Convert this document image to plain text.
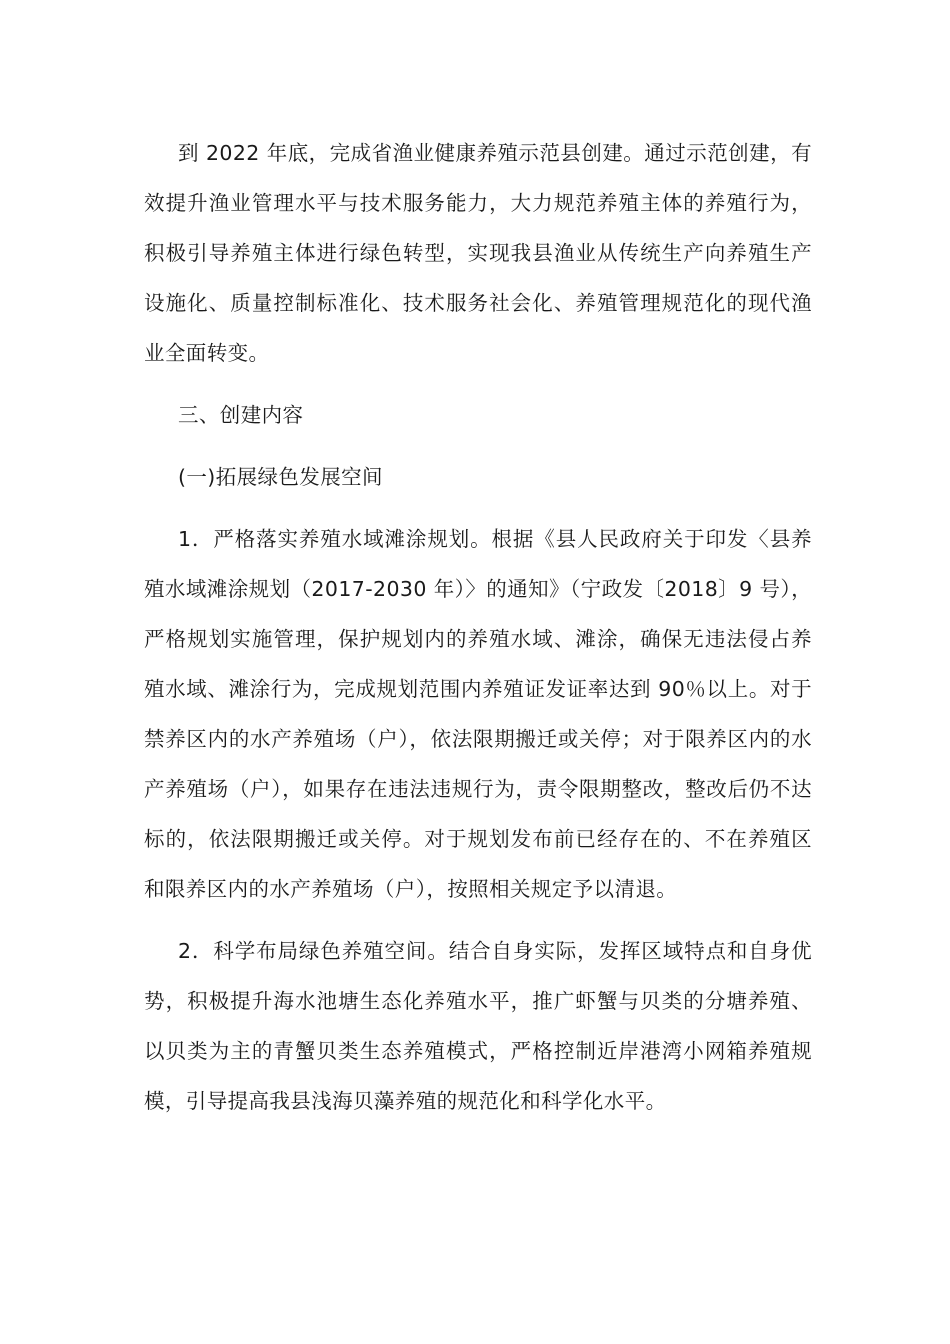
到 2022 年底，完成省渔业健康养殖示范县创建。通过示范创建，有效提升渔业管理水平与技术服务能力，大力规范养殖主体的养殖行为，积极引导养殖主体进行绿色转型，实现我县渔业从传统生产向养殖生产设施化、质量控制标准化、技术服务社会化、养殖管理规范化的现代渔业全面转变。

三、创建内容

(一)拓展绿色发展空间

1．严格落实养殖水域滩涂规划。根据《县人民政府关于印发〈县养殖水域滩涂规划（2017-2030 年）〉的通知》（宁政发〔2018〕9 号），严格规划实施管理，保护规划内的养殖水域、滩涂，确保无违法侵占养殖水域、滩涂行为，完成规划范围内养殖证发证率达到 90％以上。对于禁养区内的水产养殖场（户），依法限期搬迁或关停；对于限养区内的水产养殖场（户），如果存在违法违规行为，责令限期整改，整改后仍不达标的，依法限期搬迁或关停。对于规划发布前已经存在的、不在养殖区和限养区内的水产养殖场（户），按照相关规定予以清退。

2．科学布局绿色养殖空间。结合自身实际，发挥区域特点和自身优势，积极提升海水池塘生态化养殖水平，推广虾蟹与贝类的分塘养殖、以贝类为主的青蟹贝类生态养殖模式，严格控制近岸港湾小网箱养殖规模，引导提高我县浅海贝藻养殖的规范化和科学化水平。
